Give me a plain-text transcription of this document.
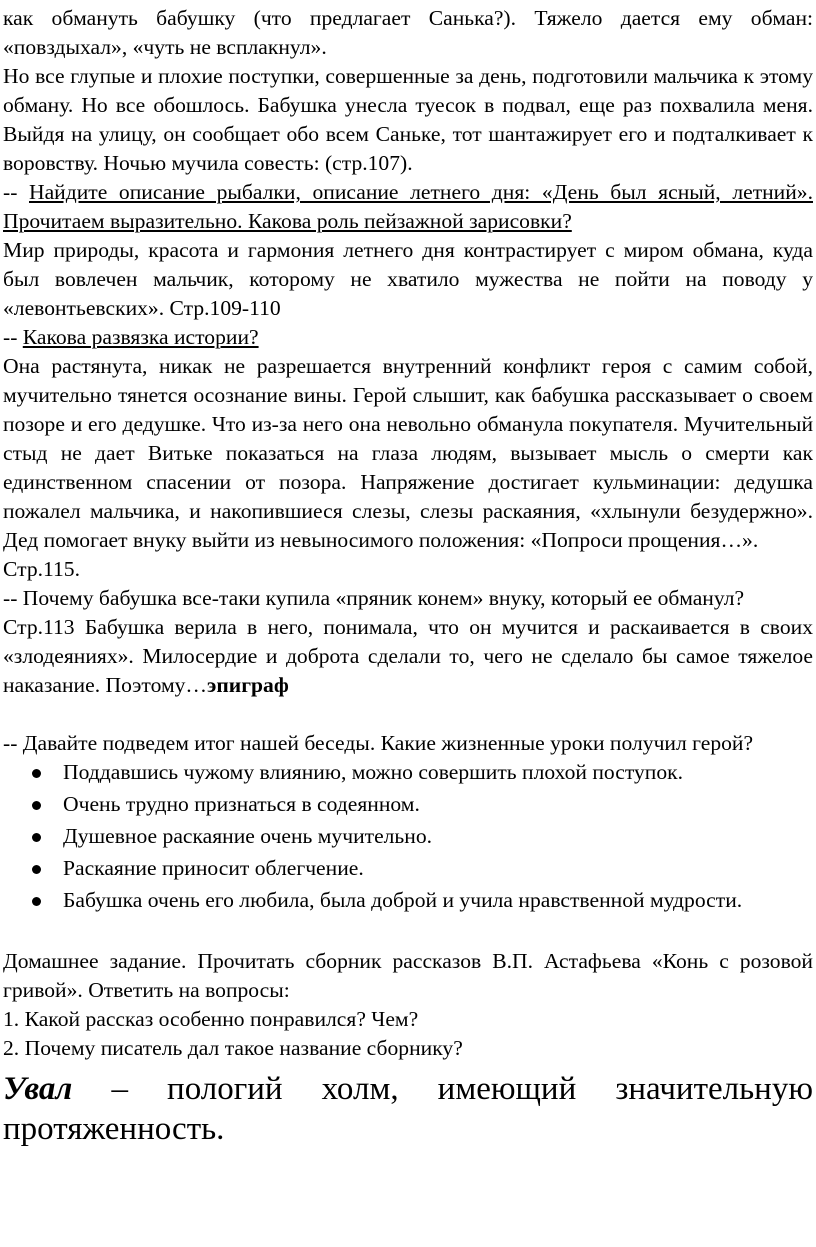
как обмануть бабушку (что предлагает Санька?). Тяжело дается ему обман: «повздыхал», «чуть не всплакнул».

Но все глупые и плохие поступки, совершенные за день, подготовили мальчика к этому обману. Но все обошлось. Бабушка унесла туесок в подвал, еще раз похвалила меня. Выйдя на улицу, он сообщает обо всем Саньке, тот шантажирует его и подталкивает к воровству. Ночью мучила совесть: (стр.107).

-- Найдите описание рыбалки, описание летнего дня: «День был ясный, летний». Прочитаем выразительно. Какова роль пейзажной зарисовки?

Мир природы, красота и гармония летнего дня контрастирует с миром обмана, куда был вовлечен мальчик, которому не хватило мужества не пойти на поводу у «левонтьевских». Стр.109-110

-- Какова развязка истории?

Она растянута, никак не разрешается внутренний конфликт героя с самим собой, мучительно тянется осознание вины. Герой слышит, как бабушка рассказывает о своем позоре и его дедушке. Что из-за него она невольно обманула покупателя. Мучительный стыд не дает Витьке показаться на глаза людям, вызывает мысль о смерти как единственном спасении от позора. Напряжение достигает кульминации: дедушка пожалел мальчика, и накопившиеся слезы, слезы раскаяния, «хлынули безудержно». Дед помогает внуку выйти из невыносимого положения: «Попроси прощения…».

Стр.115.

-- Почему бабушка все-таки купила «пряник конем» внуку, который ее обманул?

Стр.113 Бабушка верила в него, понимала, что он мучится и раскаивается в своих «злодеяниях». Милосердие и доброта сделали то, чего не сделало бы самое тяжелое наказание. Поэтому…эпиграф

-- Давайте подведем итог нашей беседы. Какие жизненные уроки получил герой?

Поддавшись чужому влиянию, можно совершить плохой поступок.
Очень трудно признаться в содеянном.
Душевное раскаяние очень мучительно.
Раскаяние приносит облегчение.
Бабушка очень его любила, была доброй и учила нравственной мудрости.

Домашнее задание. Прочитать сборник рассказов В.П. Астафьева «Конь с розовой гривой». Ответить на вопросы:

1. Какой рассказ особенно понравился? Чем?

2. Почему писатель дал такое название сборнику?

Увал – пологий холм, имеющий значительную протяженность.
